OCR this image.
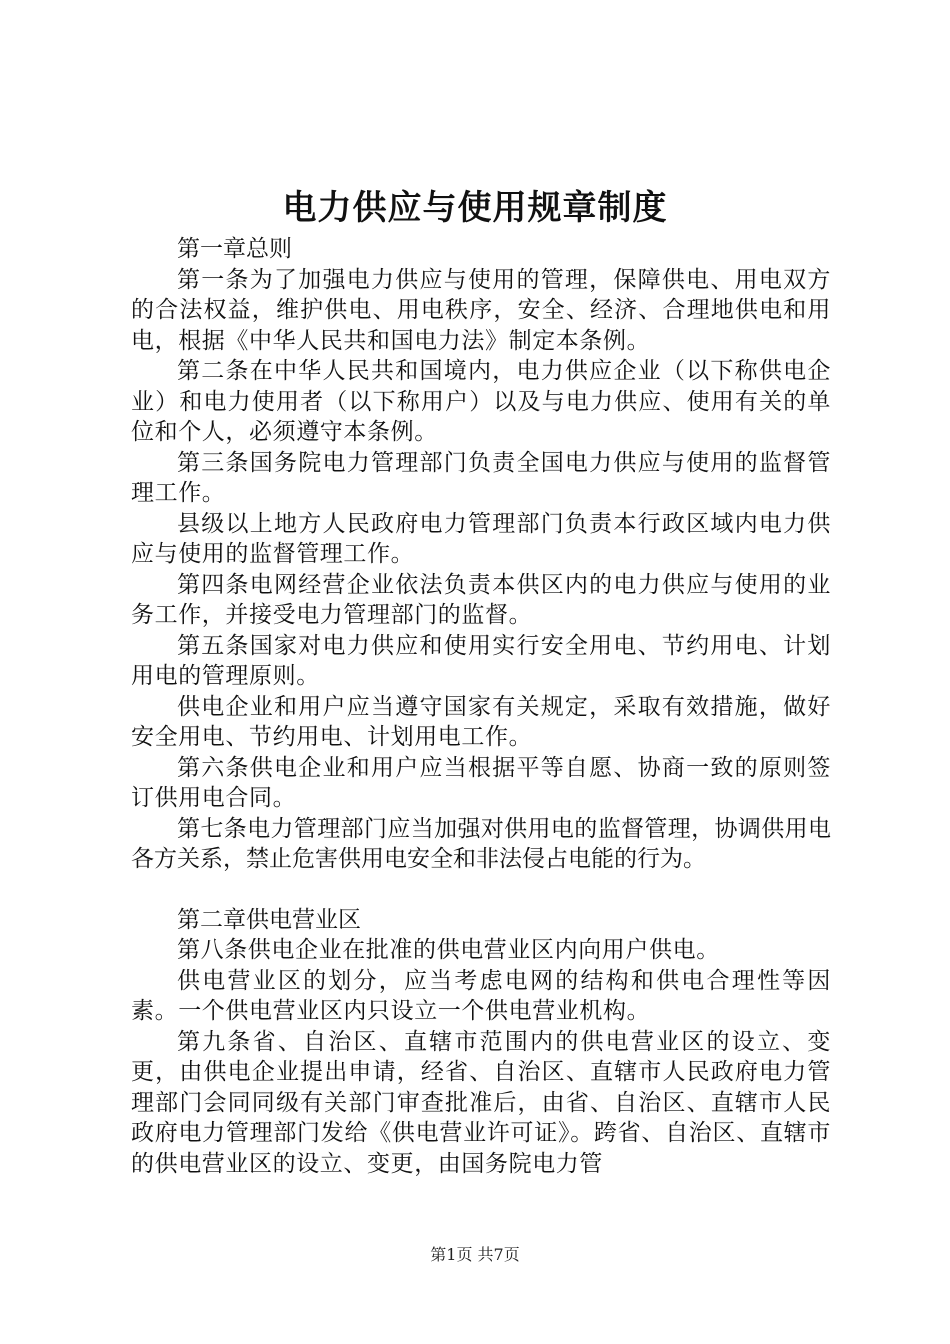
电力供应与使用规章制度

第一章总则

第一条为了加强电力供应与使用的管理，保障供电、用电双方的合法权益，维护供电、用电秩序，安全、经济、合理地供电和用电，根据《中华人民共和国电力法》制定本条例。

第二条在中华人民共和国境内，电力供应企业（以下称供电企业）和电力使用者（以下称用户）以及与电力供应、使用有关的单位和个人，必须遵守本条例。

第三条国务院电力管理部门负责全国电力供应与使用的监督管理工作。

县级以上地方人民政府电力管理部门负责本行政区域内电力供应与使用的监督管理工作。

第四条电网经营企业依法负责本供区内的电力供应与使用的业务工作，并接受电力管理部门的监督。

第五条国家对电力供应和使用实行安全用电、节约用电、计划用电的管理原则。

供电企业和用户应当遵守国家有关规定，采取有效措施，做好安全用电、节约用电、计划用电工作。

第六条供电企业和用户应当根据平等自愿、协商一致的原则签订供用电合同。

第七条电力管理部门应当加强对供用电的监督管理，协调供用电各方关系，禁止危害供用电安全和非法侵占电能的行为。

第二章供电营业区

第八条供电企业在批准的供电营业区内向用户供电。

供电营业区的划分，应当考虑电网的结构和供电合理性等因素。一个供电营业区内只设立一个供电营业机构。

第九条省、自治区、直辖市范围内的供电营业区的设立、变更，由供电企业提出申请，经省、自治区、直辖市人民政府电力管理部门会同同级有关部门审查批准后，由省、自治区、直辖市人民政府电力管理部门发给《供电营业许可证》。跨省、自治区、直辖市的供电营业区的设立、变更，由国务院电力管

第1页 共7页
